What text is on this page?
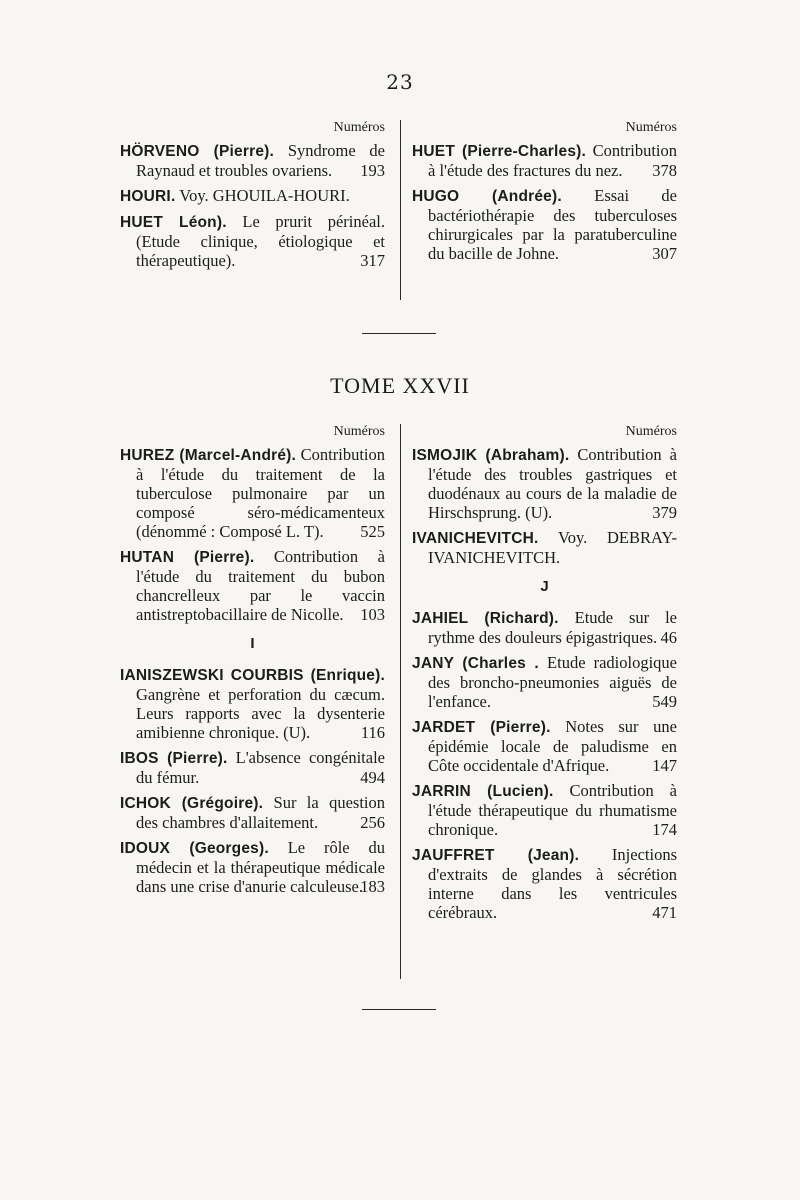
23
Numéros
HÖRVENO (Pierre). Syndrome de Raynaud et troubles ovariens. 193
HOURI. Voy. GHOUILA-HOURI.
HUET Léon). Le prurit périnéal. (Etude clinique, étiologique et thérapeutique).	317
Numéros
HUET (Pierre-Charles). Contribution à l'étude des fractures du nez. 378
HUGO (Andrée). Essai de bactériothérapie des tuberculoses chirurgicales par la paratuberculine du bacille de Johne.	307
TOME XXVII
Numéros
HUREZ (Marcel-André). Contribution à l'étude du traitement de la tuberculose pulmonaire par un composé séro-médicamenteux (dénommé : Composé L. T). 525
HUTAN (Pierre). Contribution à l'étude du traitement du bubon chancrelleux par le vaccin antistreptobacillaire de Nicolle. 103
I
IANISZEWSKI COURBIS (Enrique). Gangrène et perforation du cæcum. Leurs rapports avec la dysenterie amibienne chronique. (U).	116
IBOS (Pierre). L'absence congénitale du fémur.	494
ICHOK (Grégoire). Sur la question des chambres d'allaitement.	256
IDOUX (Georges). Le rôle du médecin et la thérapeutique médicale dans une crise d'anurie calculeuse.
183
Numéros
ISMOJIK (Abraham). Contribution à l'étude des troubles gastriques et duodénaux au cours de la maladie de Hirschsprung. (U).	379
IVANICHEVITCH. Voy. DEBRAY-IVANICHEVITCH.
J
JAHIEL (Richard). Etude sur le rythme des douleurs épigastriques. 46
JANY (Charles . Etude radiologique des broncho-pneumonies aiguës de l'enfance.	549
JARDET (Pierre). Notes sur une épidémie locale de paludisme en Côte occidentale d'Afrique.	147
JARRIN (Lucien). Contribution à l'étude thérapeutique du rhumatisme chronique.	174
JAUFFRET (Jean). Injections d'extraits de glandes à sécrétion interne dans les ventricules cérébraux.	471
